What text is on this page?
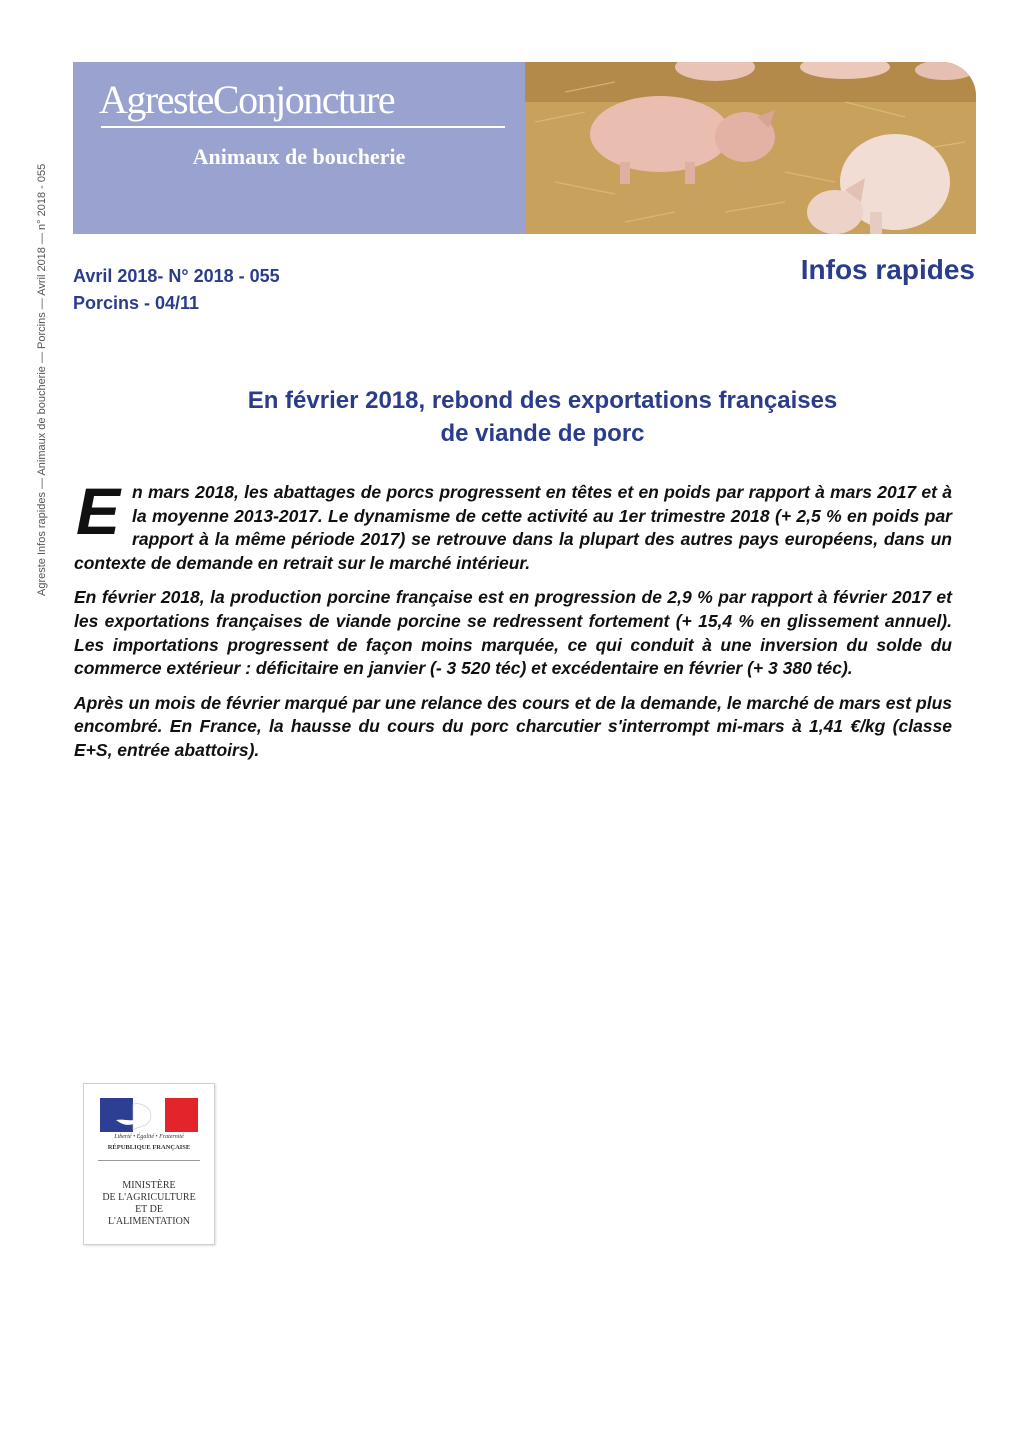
Agreste Infos rapides — Animaux de boucherie — Porcins — Avril 2018 — n° 2018 - 055
AgresteConjoncture
Animaux de boucherie
Avril 2018- N° 2018 - 055
Porcins - 04/11
Infos rapides
En février 2018, rebond des exportations françaises
de viande de porc

En mars 2018, les abattages de porcs progressent en têtes et en poids par rapport à mars 2017 et à la moyenne 2013-2017. Le dynamisme de cette activité au 1er trimestre 2018 (+ 2,5 % en poids par rapport à la même période 2017) se retrouve dans la plupart des autres pays européens, dans un contexte de demande en retrait sur le marché intérieur.

En février 2018, la production porcine française est en progression de 2,9 % par rapport à février 2017 et les exportations françaises de viande porcine se redressent fortement (+ 15,4 % en glissement annuel). Les importations progressent de façon moins marquée, ce qui conduit à une inversion du solde du commerce extérieur : déficitaire en janvier (- 3 520 téc) et excédentaire en février (+ 3 380 téc).

Après un mois de février marqué par une relance des cours et de la demande, le marché de mars est plus encombré. En France, la hausse du cours du porc charcutier s'interrompt mi-mars à 1,41 €/kg (classe E+S, entrée abattoirs).

Liberté • Égalité • Fraternité
RÉPUBLIQUE FRANÇAISE
MINISTÈRE
DE L'AGRICULTURE
ET DE
L'ALIMENTATION
